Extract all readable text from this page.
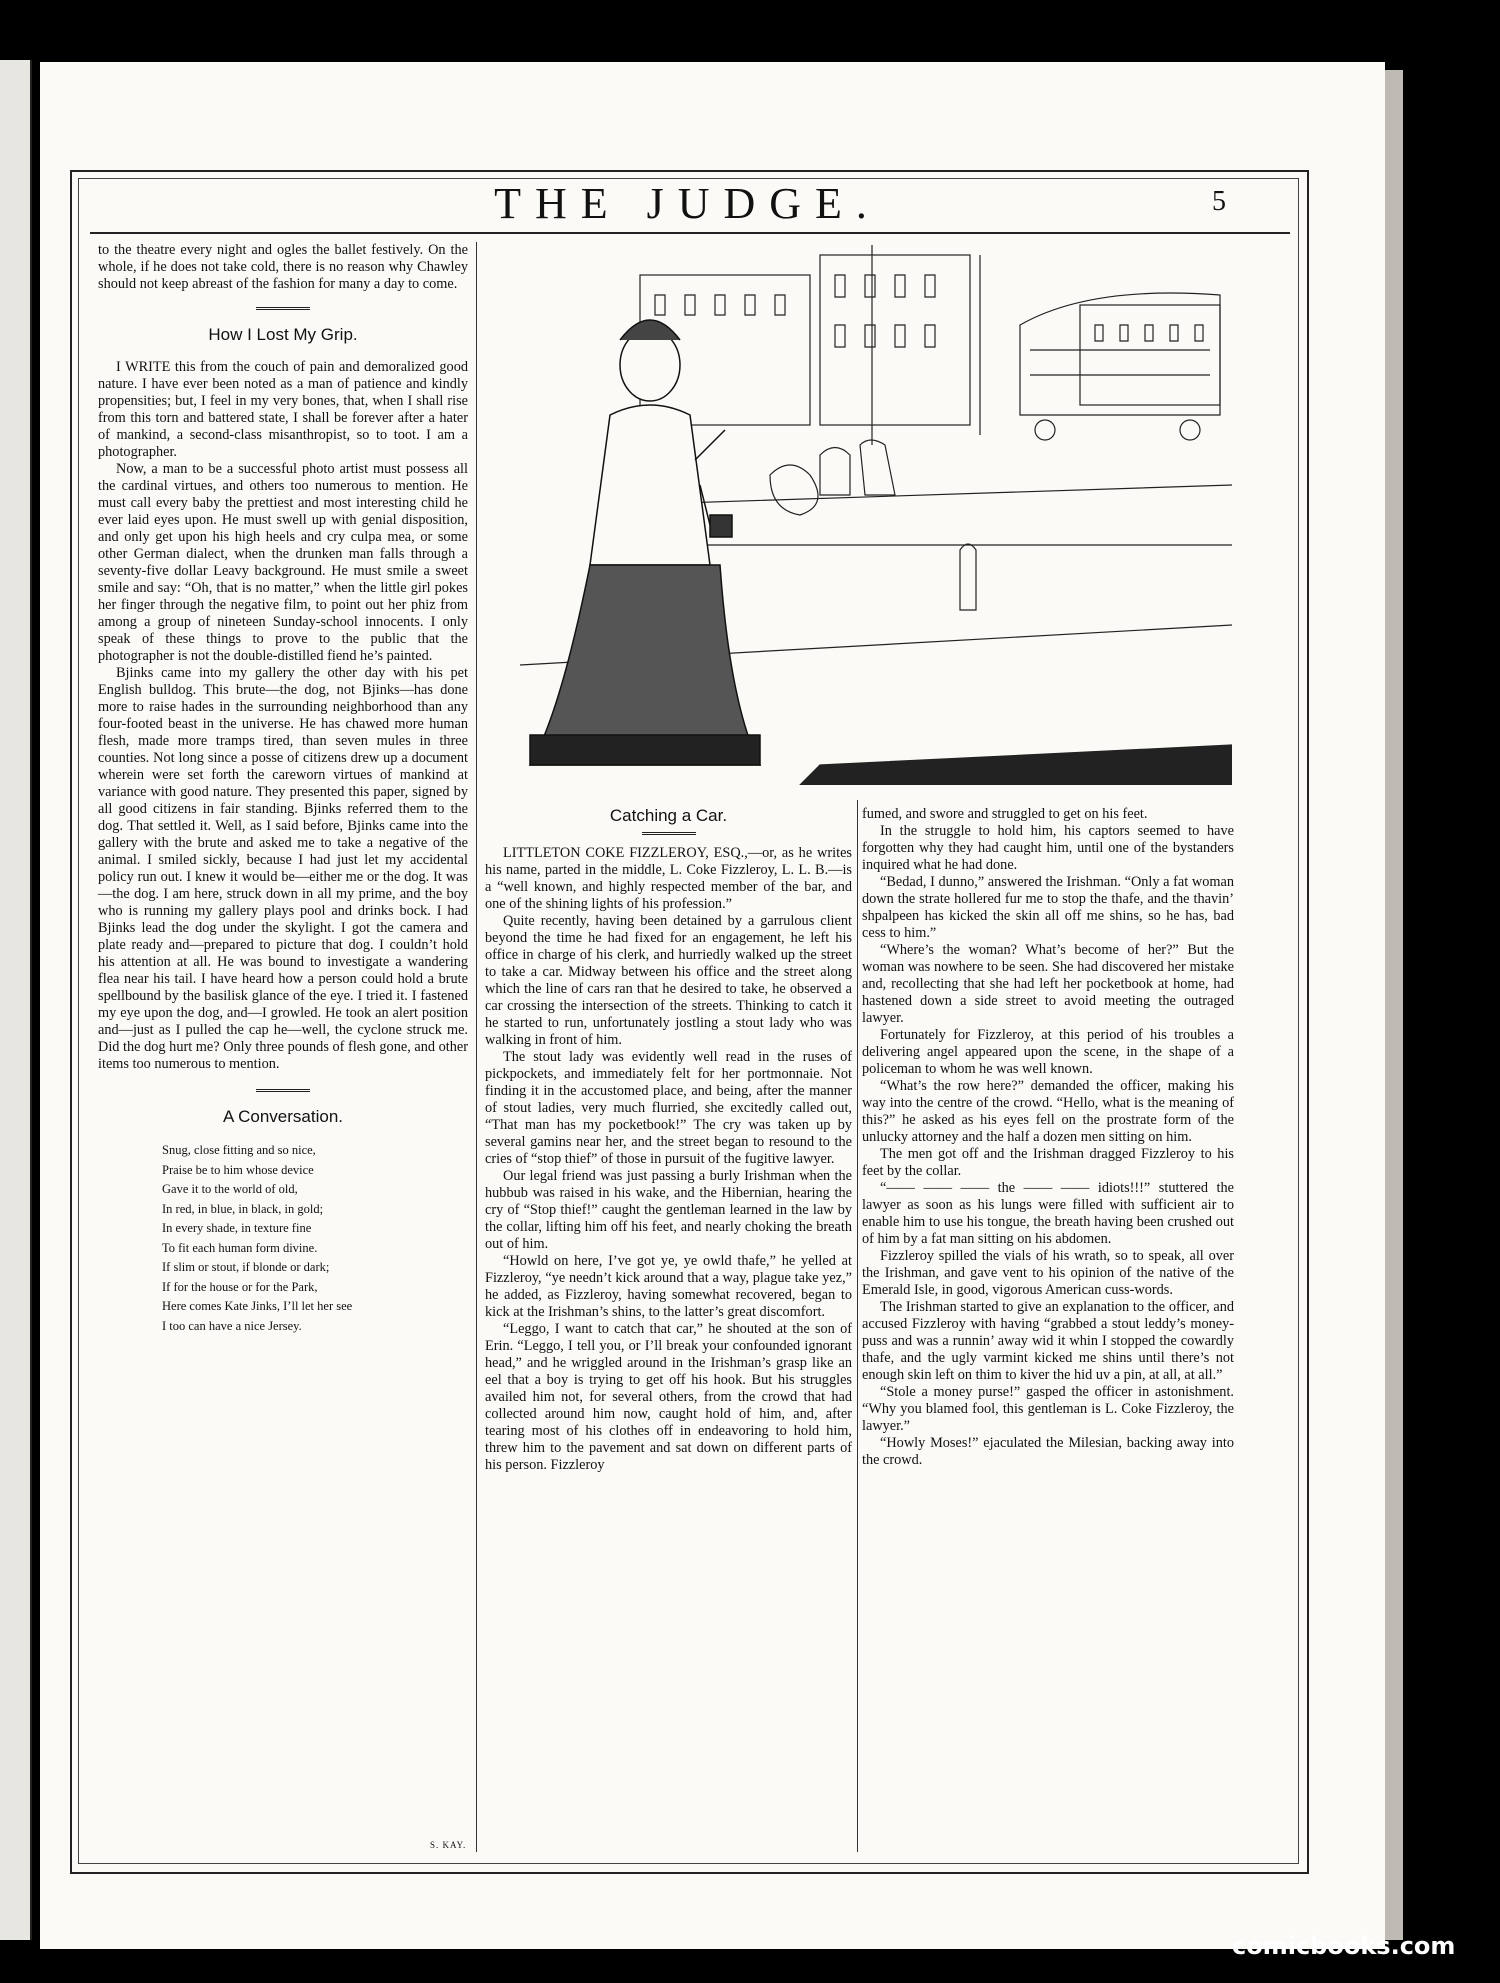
THE JUDGE.	5

to the theatre every night and ogles the ballet festively. On the whole, if he does not take cold, there is no reason why Chawley should not keep abreast of the fashion for many a day to come.

How I Lost My Grip.

I WRITE this from the couch of pain and demoralized good nature. I have ever been noted as a man of patience and kindly propensities; but, I feel in my very bones, that, when I shall rise from this torn and battered state, I shall be forever after a hater of mankind, a second-class misanthropist, so to toot. I am a photographer.

Now, a man to be a successful photo artist must possess all the cardinal virtues, and others too numerous to mention. He must call every baby the prettiest and most interesting child he ever laid eyes upon. He must swell up with genial disposition, and only get upon his high heels and cry culpa mea, or some other German dialect, when the drunken man falls through a seventy-five dollar Leavy background. He must smile a sweet smile and say: “Oh, that is no matter,” when the little girl pokes her finger through the negative film, to point out her phiz from among a group of nineteen Sunday-school innocents. I only speak of these things to prove to the public that the photographer is not the double-distilled fiend he’s painted.

Bjinks came into my gallery the other day with his pet English bulldog. This brute—the dog, not Bjinks—has done more to raise hades in the surrounding neighborhood than any four-footed beast in the universe. He has chawed more human flesh, made more tramps tired, than seven mules in three counties. Not long since a posse of citizens drew up a document wherein were set forth the careworn virtues of mankind at variance with good nature. They presented this paper, signed by all good citizens in fair standing. Bjinks referred them to the dog. That settled it. Well, as I said before, Bjinks came into the gallery with the brute and asked me to take a negative of the animal. I smiled sickly, because I had just let my accidental policy run out. I knew it would be—either me or the dog. It was—the dog. I am here, struck down in all my prime, and the boy who is running my gallery plays pool and drinks bock. I had Bjinks lead the dog under the skylight. I got the camera and plate ready and—prepared to picture that dog. I couldn’t hold his attention at all. He was bound to investigate a wandering flea near his tail. I have heard how a person could hold a brute spellbound by the basilisk glance of the eye. I tried it. I fastened my eye upon the dog, and—I growled. He took an alert position and—just as I pulled the cap he—well, the cyclone struck me. Did the dog hurt me? Only three pounds of flesh gone, and other items too numerous to mention.

A Conversation.
Snug, close fitting and so nice,
Praise be to him whose device
Gave it to the world of old,
In red, in blue, in black, in gold;
In every shade, in texture fine
To fit each human form divine.
If slim or stout, if blonde or dark;
If for the house or for the Park,
Here comes Kate Jinks, I’ll let her see
I too can have a nice Jersey.
S. KAY.
Catching a Car.

LITTLETON COKE FIZZLEROY, ESQ.,—or, as he writes his name, parted in the middle, L. Coke Fizzleroy, L. L. B.—is a “well known, and highly respected member of the bar, and one of the shining lights of his profession.”

Quite recently, having been detained by a garrulous client beyond the time he had fixed for an engagement, he left his office in charge of his clerk, and hurriedly walked up the street to take a car. Midway between his office and the street along which the line of cars ran that he desired to take, he observed a car crossing the intersection of the streets. Thinking to catch it he started to run, unfortunately jostling a stout lady who was walking in front of him.

The stout lady was evidently well read in the ruses of pickpockets, and immediately felt for her portmonnaie. Not finding it in the accustomed place, and being, after the manner of stout ladies, very much flurried, she excitedly called out, “That man has my pocketbook!” The cry was taken up by several gamins near her, and the street began to resound to the cries of “stop thief” of those in pursuit of the fugitive lawyer.

Our legal friend was just passing a burly Irishman when the hubbub was raised in his wake, and the Hibernian, hearing the cry of “Stop thief!” caught the gentleman learned in the law by the collar, lifting him off his feet, and nearly choking the breath out of him.

“Howld on here, I’ve got ye, ye owld thafe,” he yelled at Fizzleroy, “ye needn’t kick around that a way, plague take yez,” he added, as Fizzleroy, having somewhat recovered, began to kick at the Irishman’s shins, to the latter’s great discomfort.

“Leggo, I want to catch that car,” he shouted at the son of Erin. “Leggo, I tell you, or I’ll break your confounded ignorant head,” and he wriggled around in the Irishman’s grasp like an eel that a boy is trying to get off his hook. But his struggles availed him not, for several others, from the crowd that had collected around him now, caught hold of him, and, after tearing most of his clothes off in endeavoring to hold him, threw him to the pavement and sat down on different parts of his person. Fizzleroy

fumed, and swore and struggled to get on his feet.

In the struggle to hold him, his captors seemed to have forgotten why they had caught him, until one of the bystanders inquired what he had done.

“Bedad, I dunno,” answered the Irishman. “Only a fat woman down the strate hollered fur me to stop the thafe, and the thavin’ shpalpeen has kicked the skin all off me shins, so he has, bad cess to him.”

“Where’s the woman? What’s become of her?” But the woman was nowhere to be seen. She had discovered her mistake and, recollecting that she had left her pocketbook at home, had hastened down a side street to avoid meeting the outraged lawyer.

Fortunately for Fizzleroy, at this period of his troubles a delivering angel appeared upon the scene, in the shape of a policeman to whom he was well known.

“What’s the row here?” demanded the officer, making his way into the centre of the crowd. “Hello, what is the meaning of this?” he asked as his eyes fell on the prostrate form of the unlucky attorney and the half a dozen men sitting on him.

The men got off and the Irishman dragged Fizzleroy to his feet by the collar.

“—— —— —— the —— —— idiots!!!” stuttered the lawyer as soon as his lungs were filled with sufficient air to enable him to use his tongue, the breath having been crushed out of him by a fat man sitting on his abdomen.

Fizzleroy spilled the vials of his wrath, so to speak, all over the Irishman, and gave vent to his opinion of the native of the Emerald Isle, in good, vigorous American cuss-words.

The Irishman started to give an explanation to the officer, and accused Fizzleroy with having “grabbed a stout leddy’s money-puss and was a runnin’ away wid it whin I stopped the cowardly thafe, and the ugly varmint kicked me shins until there’s not enough skin left on thim to kiver the hid uv a pin, at all, at all.”

“Stole a money purse!” gasped the officer in astonishment. “Why you blamed fool, this gentleman is L. Coke Fizzleroy, the lawyer.”

“Howly Moses!” ejaculated the Milesian, backing away into the crowd.

comicbooks.com
